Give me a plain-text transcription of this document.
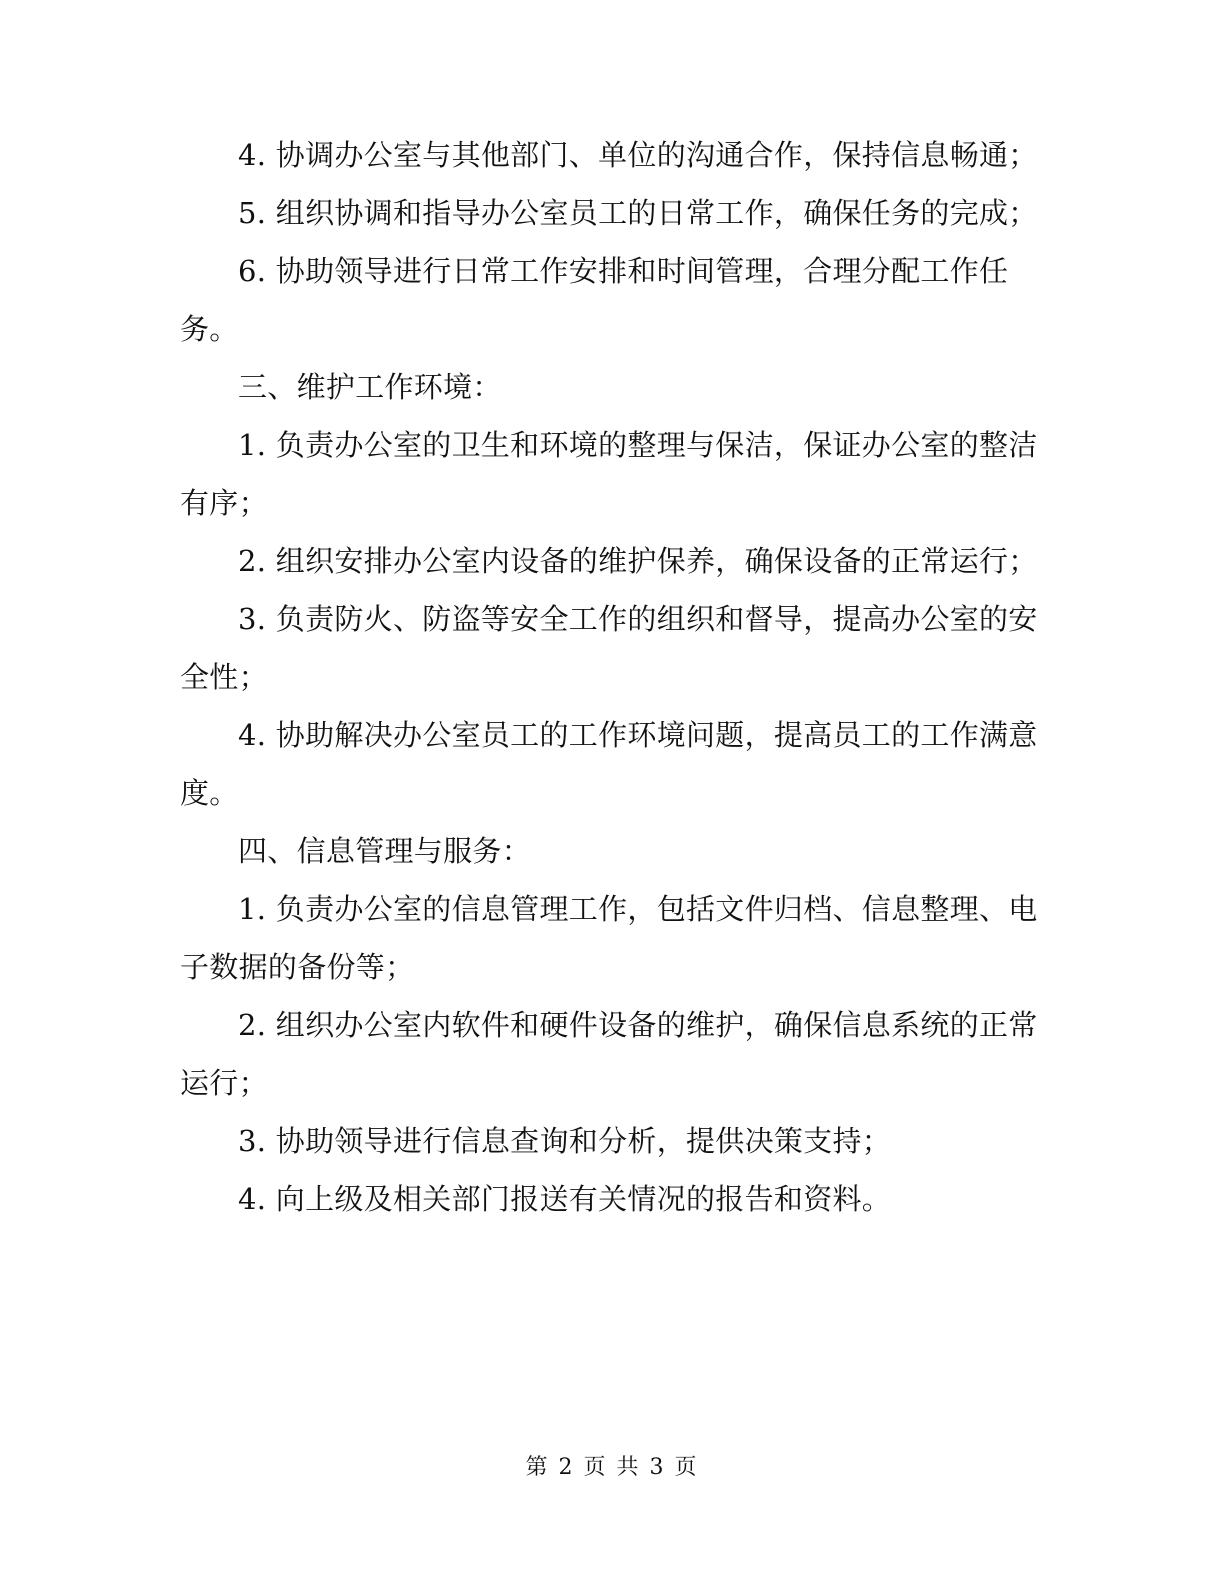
4. 协调办公室与其他部门、单位的沟通合作，保持信息畅通；

5. 组织协调和指导办公室员工的日常工作，确保任务的完成；

6. 协助领导进行日常工作安排和时间管理，合理分配工作任务。

三、维护工作环境：

1. 负责办公室的卫生和环境的整理与保洁，保证办公室的整洁有序；

2. 组织安排办公室内设备的维护保养，确保设备的正常运行；

3. 负责防火、防盗等安全工作的组织和督导，提高办公室的安全性；

4. 协助解决办公室员工的工作环境问题，提高员工的工作满意度。

四、信息管理与服务：

1. 负责办公室的信息管理工作，包括文件归档、信息整理、电子数据的备份等；

2. 组织办公室内软件和硬件设备的维护，确保信息系统的正常运行；

3. 协助领导进行信息查询和分析，提供决策支持；

4. 向上级及相关部门报送有关情况的报告和资料。

第 2 页 共 3 页
